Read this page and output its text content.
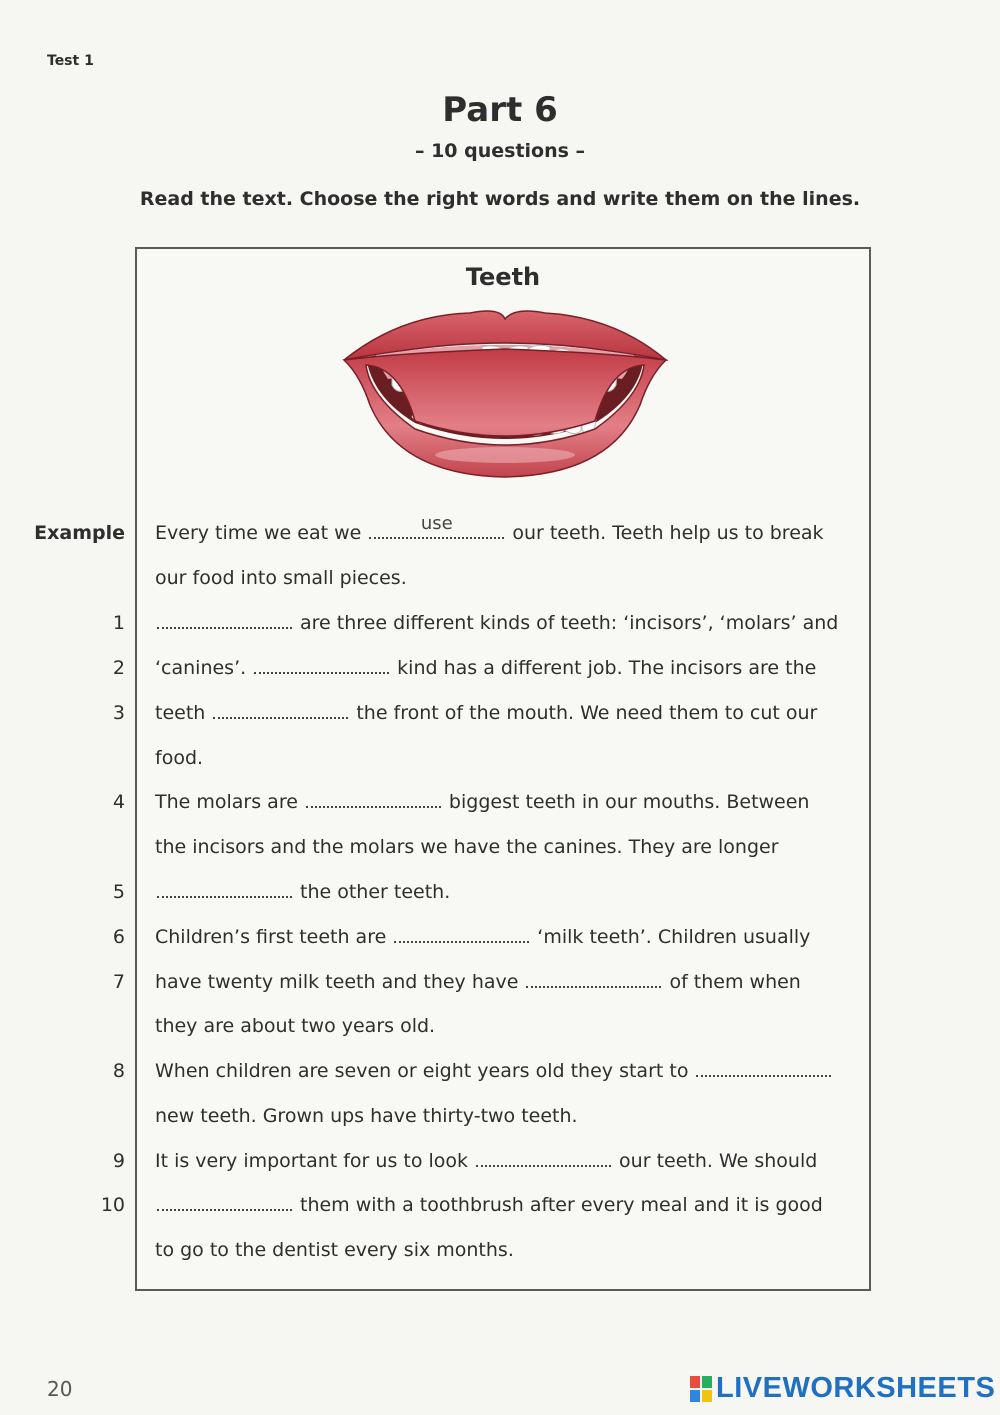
Test 1
Part 6
– 10 questions –
Read the text. Choose the right words and write them on the lines.
Teeth
Example Every time we eat we	use	our teeth. Teeth help us to break
our food into small pieces.
1	are three different kinds of teeth: ‘incisors’, ‘molars’ and
2 ‘canines’.	kind has a different job. The incisors are the
3 teeth	the front of the mouth. We need them to cut our
food.
4 The molars are	biggest teeth in our mouths. Between
the incisors and the molars we have the canines. They are longer
5	the other teeth.
6 Children’s first teeth are	‘milk teeth’. Children usually
7 have twenty milk teeth and they have	of them when
they are about two years old.
8 When children are seven or eight years old they start to
new teeth. Grown ups have thirty-two teeth.
9 It is very important for us to look	our teeth. We should
10	them with a toothbrush after every meal and it is good
to go to the dentist every six months.
20	LIVEWORKSHEETS
